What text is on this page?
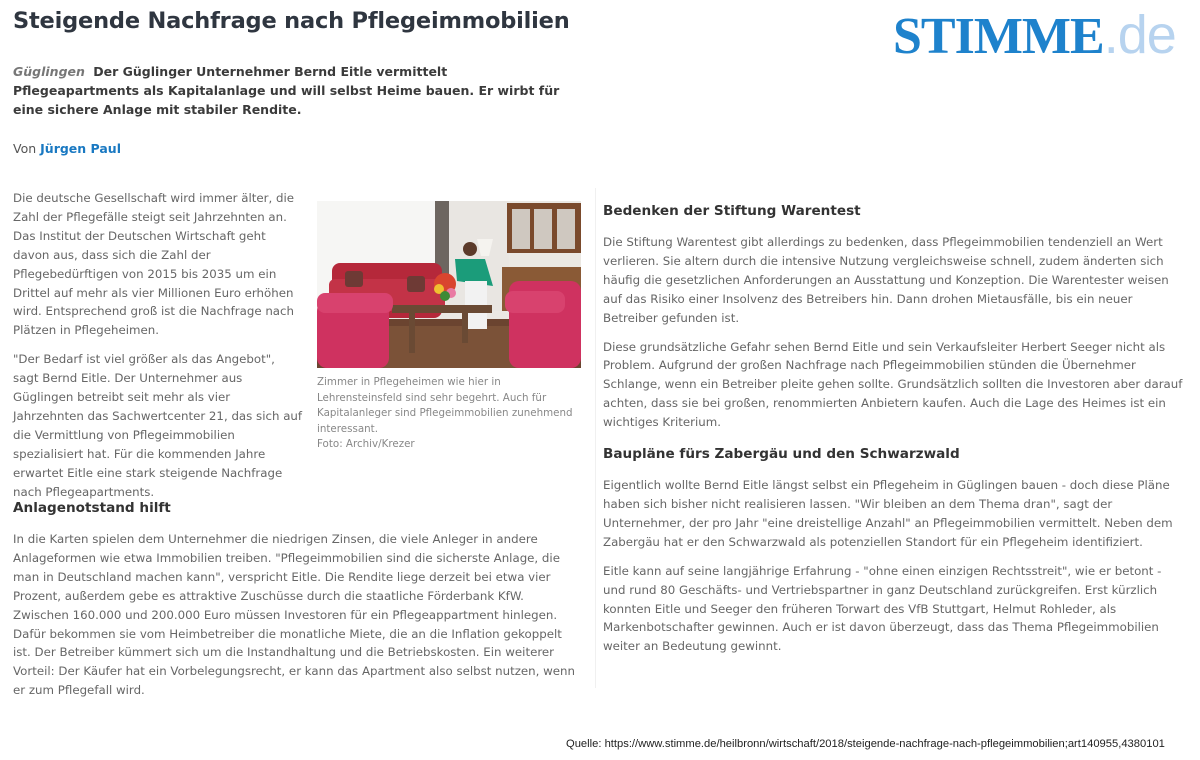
Steigende Nachfrage nach Pflegeimmobilien	STIMME.de
Güglingen Der Güglinger Unternehmer Bernd Eitle vermittelt Pflegeapartments als Kapitalanlage und will selbst Heime bauen. Er wirbt für eine sichere Anlage mit stabiler Rendite.
Von Jürgen Paul

Die deutsche Gesellschaft wird immer älter, die Zahl der Pflegefälle steigt seit Jahrzehnten an. Das Institut der Deutschen Wirtschaft geht davon aus, dass sich die Zahl der Pflegebedürftigen von 2015 bis 2035 um ein Drittel auf mehr als vier Millionen Euro erhöhen wird. Entsprechend groß ist die Nachfrage nach Plätzen in Pflegeheimen.

"Der Bedarf ist viel größer als das Angebot", sagt Bernd Eitle. Der Unternehmer aus Güglingen betreibt seit mehr als vier Jahrzehnten das Sachwertcenter 21, das sich auf die Vermittlung von Pflegeimmobilien spezialisiert hat. Für die kommenden Jahre erwartet Eitle eine stark steigende Nachfrage nach Pflegeapartments.

Zimmer in Pflegeheimen wie hier in Lehrensteinsfeld sind sehr begehrt. Auch für Kapitalanleger sind Pflegeimmobilien zunehmend interessant.
Foto: Archiv/Krezer
Anlagenotstand hilft

In die Karten spielen dem Unternehmer die niedrigen Zinsen, die viele Anleger in andere Anlageformen wie etwa Immobilien treiben. "Pflegeimmobilien sind die sicherste Anlage, die man in Deutschland machen kann", verspricht Eitle. Die Rendite liege derzeit bei etwa vier Prozent, außerdem gebe es attraktive Zuschüsse durch die staatliche Förderbank KfW. Zwischen 160.000 und 200.000 Euro müssen Investoren für ein Pflegeappartment hinlegen. Dafür bekommen sie vom Heimbetreiber die monatliche Miete, die an die Inflation gekoppelt ist. Der Betreiber kümmert sich um die Instandhaltung und die Betriebskosten. Ein weiterer Vorteil: Der Käufer hat ein Vorbelegungsrecht, er kann das Apartment also selbst nutzen, wenn er zum Pflegefall wird.

Bedenken der Stiftung Warentest

Die Stiftung Warentest gibt allerdings zu bedenken, dass Pflegeimmobilien tendenziell an Wert verlieren. Sie altern durch die intensive Nutzung vergleichsweise schnell, zudem änderten sich häufig die gesetzlichen Anforderungen an Ausstattung und Konzeption. Die Warentester weisen auf das Risiko einer Insolvenz des Betreibers hin. Dann drohen Mietausfälle, bis ein neuer Betreiber gefunden ist.

Diese grundsätzliche Gefahr sehen Bernd Eitle und sein Verkaufsleiter Herbert Seeger nicht als Problem. Aufgrund der großen Nachfrage nach Pflegeimmobilien stünden die Übernehmer Schlange, wenn ein Betreiber pleite gehen sollte. Grundsätzlich sollten die Investoren aber darauf achten, dass sie bei großen, renommierten Anbietern kaufen. Auch die Lage des Heimes ist ein wichtiges Kriterium.

Baupläne fürs Zabergäu und den Schwarzwald

Eigentlich wollte Bernd Eitle längst selbst ein Pflegeheim in Güglingen bauen - doch diese Pläne haben sich bisher nicht realisieren lassen. "Wir bleiben an dem Thema dran", sagt der Unternehmer, der pro Jahr "eine dreistellige Anzahl" an Pflegeimmobilien vermittelt. Neben dem Zabergäu hat er den Schwarzwald als potenziellen Standort für ein Pflegeheim identifiziert.

Eitle kann auf seine langjährige Erfahrung - "ohne einen einzigen Rechtsstreit", wie er betont - und rund 80 Geschäfts- und Vertriebspartner in ganz Deutschland zurückgreifen. Erst kürzlich konnten Eitle und Seeger den früheren Torwart des VfB Stuttgart, Helmut Rohleder, als Markenbotschafter gewinnen. Auch er ist davon überzeugt, dass das Thema Pflegeimmobilien weiter an Bedeutung gewinnt.

Quelle: https://www.stimme.de/heilbronn/wirtschaft/2018/steigende-nachfrage-nach-pflegeimmobilien;art140955,4380101
